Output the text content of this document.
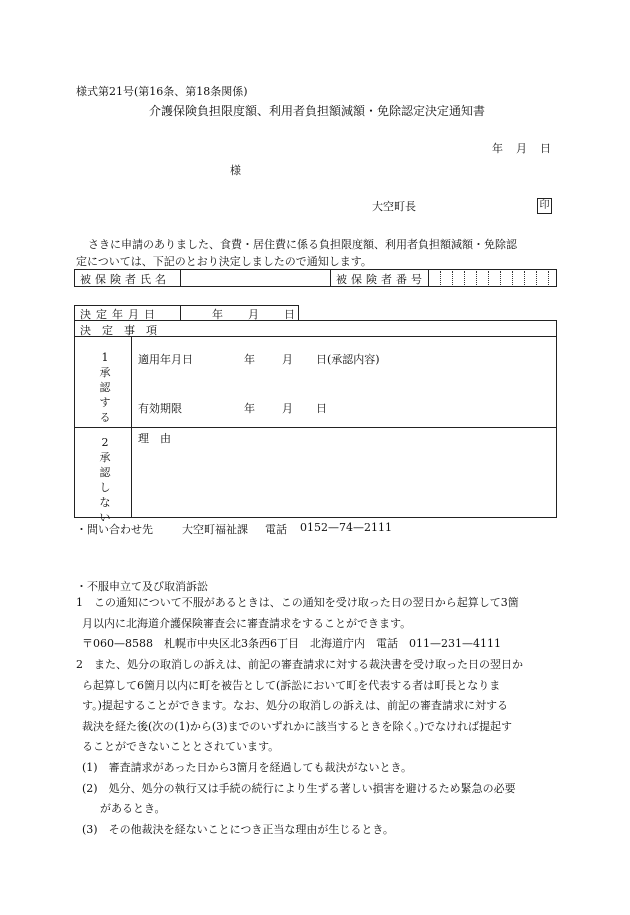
様式第21号(第16条、第18条関係)
介護保険負担限度額、利用者負担額減額・免除認定決定通知書
年 月 日
様
大空町長	印
さきに申請のありました、食費・居住費に係る負担限度額、利用者負担額減額・免除認
定については、下記のとおり決定しましたので通知します。
被保険者氏名	被保険者番号
決定年月日	年 月 日
決　定　事　項
1
承
認
す
る
適用年月日	年 月 日(承認内容)
有効期限	年 月 日
2
承
認
し
な
い
理　由
・問い合わせ先	大空町福祉課 電話 0152—74—2111
・不服申立て及び取消訴訟
1　この通知について不服があるときは、この通知を受け取った日の翌日から起算して3箇
月以内に北海道介護保険審査会に審査請求をすることができます。
〒060—8588　札幌市中央区北3条西6丁目　北海道庁内　電話　011—231—4111
2　また、処分の取消しの訴えは、前記の審査請求に対する裁決書を受け取った日の翌日か
ら起算して6箇月以内に町を被告として(訴訟において町を代表する者は町長となりま
す。)提起することができます。なお、処分の取消しの訴えは、前記の審査請求に対する
裁決を経た後(次の(1)から(3)までのいずれかに該当するときを除く。)でなければ提起す
ることができないこととされています。
(1)　審査請求があった日から3箇月を経過しても裁決がないとき。
(2)　処分、処分の執行又は手続の続行により生ずる著しい損害を避けるため緊急の必要
があるとき。
(3)　その他裁決を経ないことにつき正当な理由が生じるとき。
